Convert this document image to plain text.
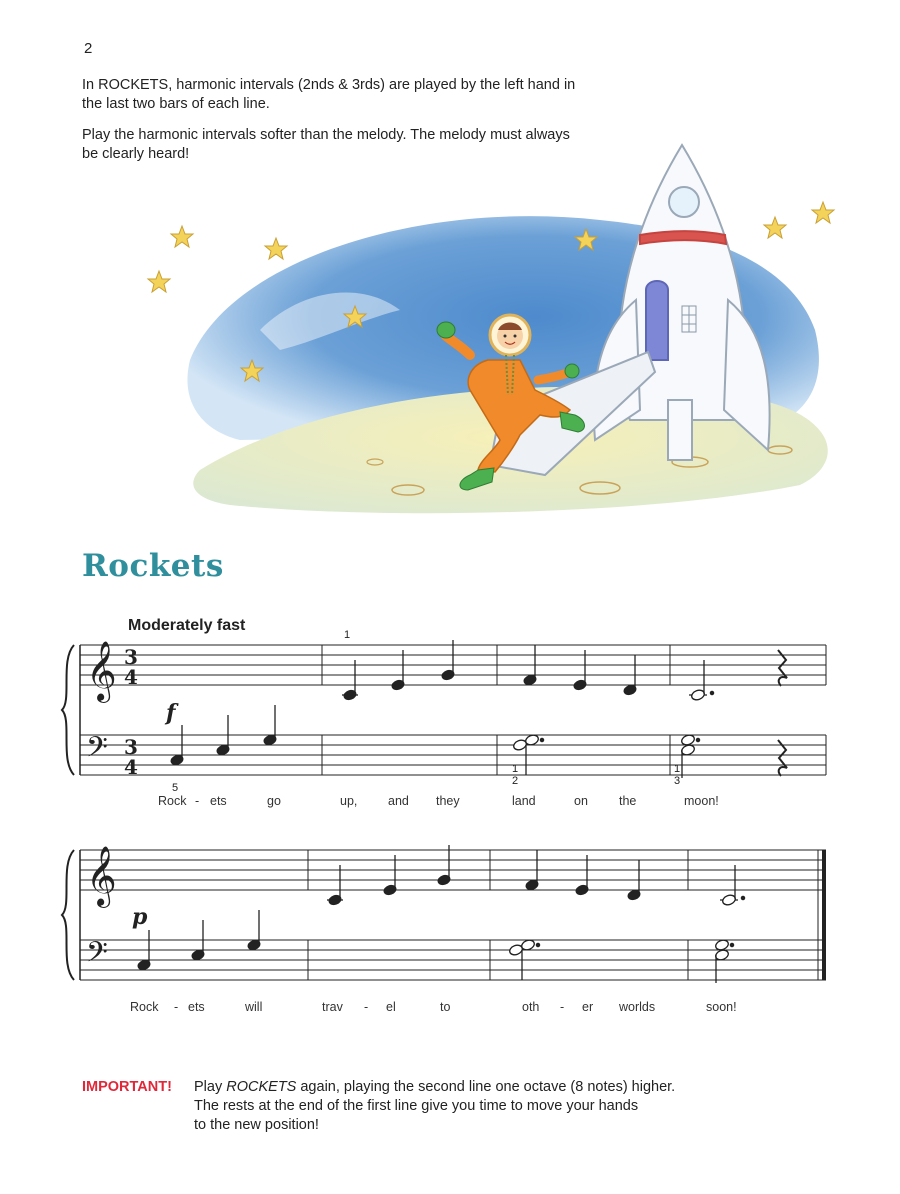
2

In ROCKETS, harmonic intervals (2nds & 3rds) are played by the left hand in the last two bars of each line.

Play the harmonic intervals softer than the melody. The melody must always be clearly heard!

Rockets
Moderately fast
𝄞
𝄢
3
4
3
4
f
1
5
1
2
1
3
Rock - ets	go	up, and they	land	on the	moon!
𝄞
𝄢
p
Rock - ets	will	trav - el	to	oth - er worlds	soon!
IMPORTANT! Play ROCKETS again, playing the second line one octave (8 notes) higher.
The rests at the end of the first line give you time to move your hands
to the new position!
